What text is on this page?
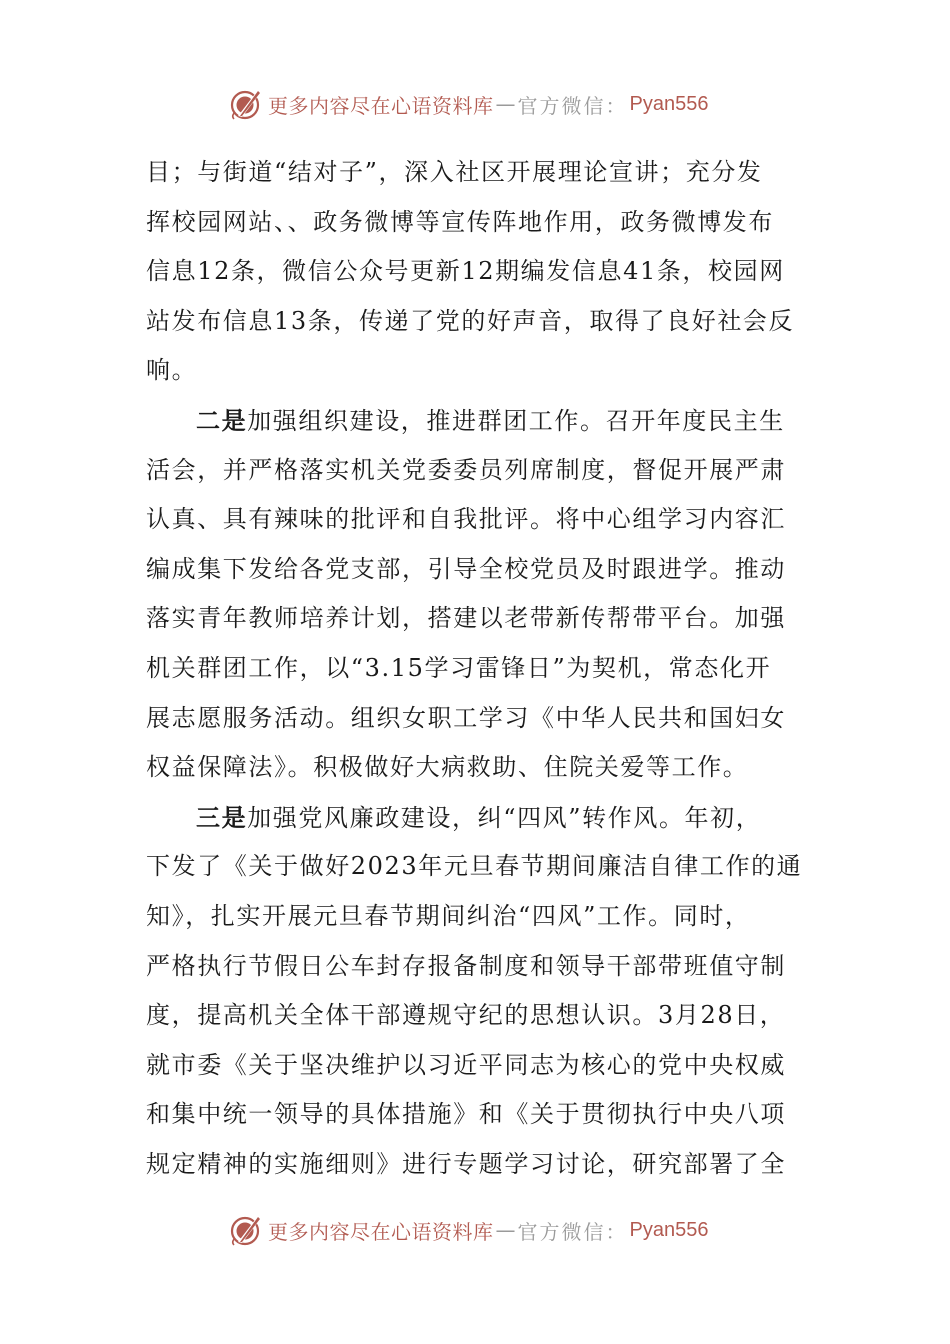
更多内容尽在心语资料库 — 官方微信： Pyan556
目；与街道“结对子”，深入社区开展理论宣讲；充分发
挥校园网站、、政务微博等宣传阵地作用，政务微博发布
信息12条，微信公众号更新12期编发信息41条，校园网
站发布信息13条，传递了党的好声音，取得了良好社会反
响。
二是加强组织建设，推进群团工作。召开年度民主生
活会，并严格落实机关党委委员列席制度，督促开展严肃
认真、具有辣味的批评和自我批评。将中心组学习内容汇
编成集下发给各党支部，引导全校党员及时跟进学。推动
落实青年教师培养计划，搭建以老带新传帮带平台。加强
机关群团工作，以“3.15学习雷锋日”为契机，常态化开
展志愿服务活动。组织女职工学习《中华人民共和国妇女
权益保障法》。积极做好大病救助、住院关爱等工作。
三是加强党风廉政建设，纠“四风”转作风。年初，
下发了《关于做好2023年元旦春节期间廉洁自律工作的通
知》，扎实开展元旦春节期间纠治“四风”工作。同时，
严格执行节假日公车封存报备制度和领导干部带班值守制
度，提高机关全体干部遵规守纪的思想认识。3月28日，
就市委《关于坚决维护以习近平同志为核心的党中央权威
和集中统一领导的具体措施》和《关于贯彻执行中央八项
规定精神的实施细则》进行专题学习讨论，研究部署了全
更多内容尽在心语资料库 — 官方微信： Pyan556
